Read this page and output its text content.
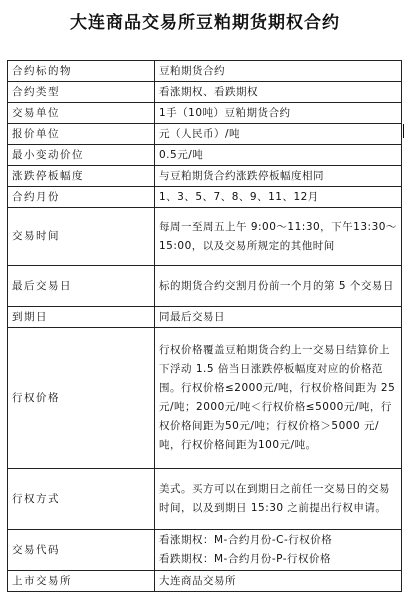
大连商品交易所豆粕期货期权合约
合约标的物	豆粕期货合约
合约类型	看涨期权、看跌期权
交易单位	1手（10吨）豆粕期货合约
报价单位	元（人民币）/吨
最小变动价位	0.5元/吨
涨跌停板幅度	与豆粕期货合约涨跌停板幅度相同
合约月份	1、3、5、7、8、9、11、12月
交易时间	每周一至周五上午 9:00～11:30，下午13:30～15:00，以及交易所规定的其他时间
最后交易日	标的期货合约交割月份前一个月的第 5 个交易日
到期日	同最后交易日
行权价格	行权价格覆盖豆粕期货合约上一交易日结算价上下浮动 1.5 倍当日涨跌停板幅度对应的价格范围。行权价格≤2000元/吨，行权价格间距为 25元/吨；2000元/吨＜行权价格≤5000元/吨，行权价格间距为50元/吨；行权价格＞5000 元/吨，行权价格间距为100元/吨。
行权方式	美式。买方可以在到期日之前任一交易日的交易时间，以及到期日 15:30 之前提出行权申请。
交易代码	看涨期权：M-合约月份-C-行权价格
看跌期权：M-合约月份-P-行权价格

上市交易所	大连商品交易所
